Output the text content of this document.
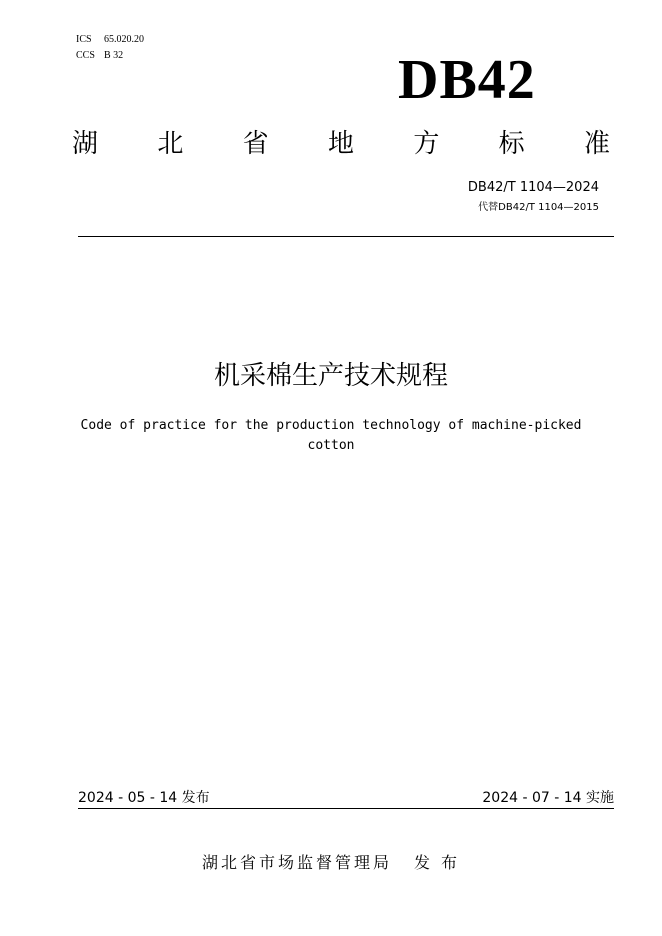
ICS 65.020.20
CCS B 32	DB42
湖 北 省 地 方 标 准
DB42/T 1104—2024
代替DB42/T 1104—2015
机采棉生产技术规程
Code of practice for the production technology of machine-picked cotton
2024 - 05 - 14 发布	2024 - 07 - 14 实施
湖北省市场监督管理局 发 布
